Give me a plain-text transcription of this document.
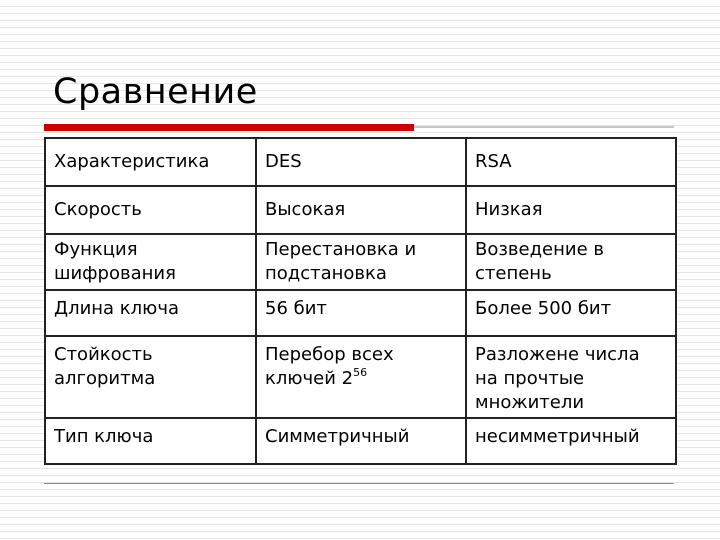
Сравнение
Характеристика	DES	RSA

Скорость	Высокая	Низкая

Функция шифрования	Перестановка и подстановка	Возведение в степень

Длина ключа	56 бит	Более 500 бит

Стойкость алгоритма	Перебор всех ключей $2^{56}$	Разложене числа на прочтые множители

Тип ключа	Симметричный	несимметричный
